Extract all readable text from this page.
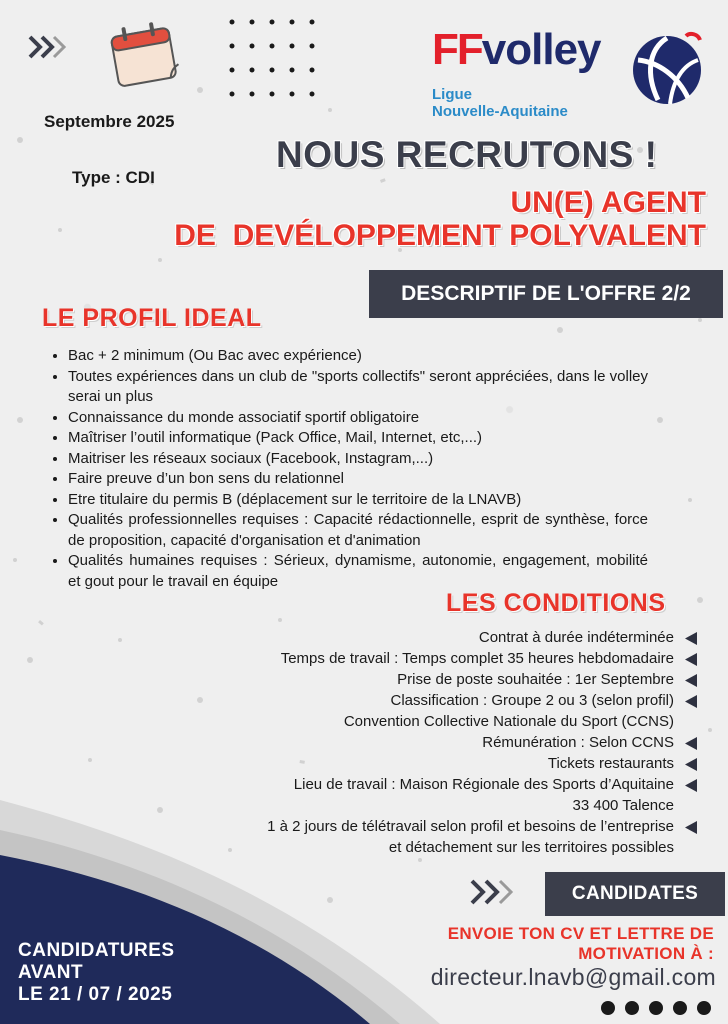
FFvolley
Ligue
Nouvelle-Aquitaine
Septembre 2025
Type : CDI
NOUS RECRUTONS !
UN(E) AGENT
DE  DEVÉLOPPEMENT POLYVALENT
DESCRIPTIF DE L'OFFRE 2/2
LE PROFIL IDEAL
• Bac + 2 minimum (Ou Bac avec expérience)
• Toutes expériences dans un club de "sports collectifs" seront appréciées, dans le volley serai un plus
• Connaissance du monde associatif sportif obligatoire
• Maîtriser l’outil informatique (Pack Office, Mail, Internet, etc,...)
• Maitriser les réseaux sociaux (Facebook, Instagram,...)
• Faire preuve d’un bon sens du relationnel
• Etre titulaire du permis B (déplacement sur le territoire de la LNAVB)
• Qualités professionnelles requises : Capacité rédactionnelle, esprit de synthèse, force de proposition, capacité d'organisation et d'animation
• Qualités humaines requises : Sérieux, dynamisme, autonomie, engagement, mobilité et gout pour le travail en équipe
LES CONDITIONS
Contrat à durée indéterminée
Temps de travail : Temps complet 35 heures hebdomadaire
Prise de poste souhaitée : 1er Septembre
Classification : Groupe 2 ou 3 (selon profil)
Convention Collective Nationale du Sport (CCNS)
Rémunération : Selon CCNS
Tickets restaurants
Lieu de travail : Maison Régionale des Sports d’Aquitaine
33 400 Talence
1 à 2 jours de télétravail selon profil et besoins de l’entreprise
et détachement sur les territoires possibles
CANDIDATURES
AVANT
LE 21 / 07 / 2025
CANDIDATES
ENVOIE TON CV ET LETTRE DE
MOTIVATION À :
directeur.lnavb@gmail.com
